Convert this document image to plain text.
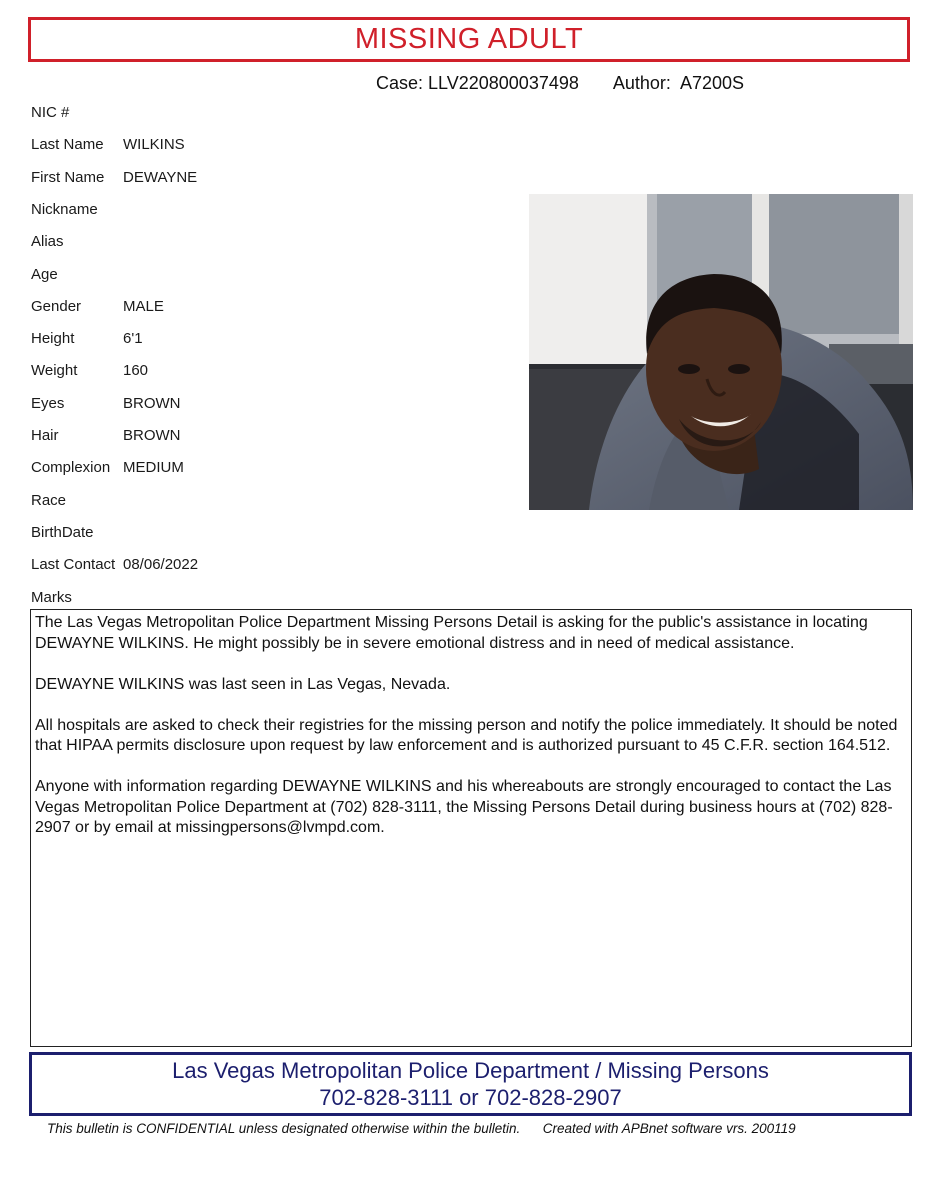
MISSING ADULT
Case: LLV220800037498 Author: A7200S
NIC #
Last Name	WILKINS
First Name	DEWAYNE
Nickname
Alias
Age
Gender	MALE
Height	6'1
Weight	160
Eyes	BROWN
Hair	BROWN
Complexion MEDIUM
Race
BirthDate
Last Contact 08/06/2022
Marks

The Las Vegas Metropolitan Police Department Missing Persons Detail is asking for the public's assistance in locating DEWAYNE WILKINS. He might possibly be in severe emotional distress and in need of medical assistance.

DEWAYNE WILKINS was last seen in Las Vegas, Nevada.

All hospitals are asked to check their registries for the missing person and notify the police immediately. It should be noted that HIPAA permits disclosure upon request by law enforcement and is authorized pursuant to 45 C.F.R. section 164.512.

Anyone with information regarding DEWAYNE WILKINS and his whereabouts are strongly encouraged to contact the Las Vegas Metropolitan Police Department at (702) 828-3111, the Missing Persons Detail during business hours at (702) 828-2907 or by email at missingpersons@lvmpd.com.

Las Vegas Metropolitan Police Department / Missing Persons
702-828-3111 or 702-828-2907
This bulletin is CONFIDENTIAL unless designated otherwise within the bulletin. Created with APBnet software vrs. 200119
